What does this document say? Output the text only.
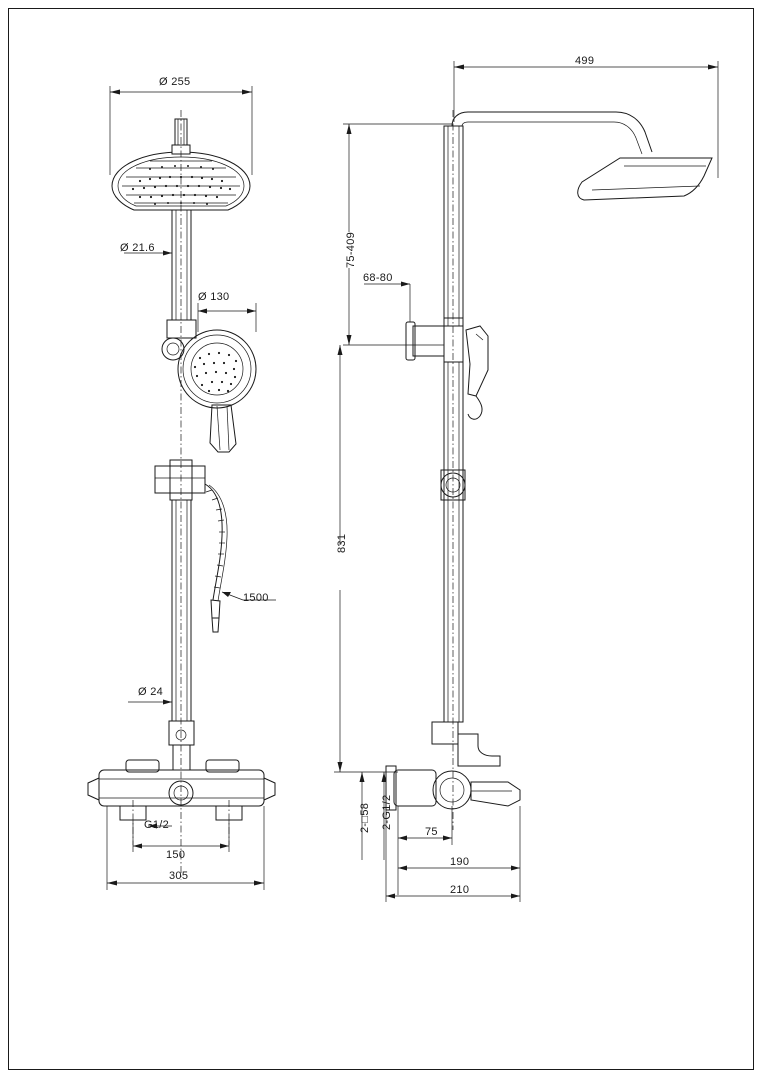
Ø 255
Ø 21.6
Ø 130
1500
Ø 24
G1/2
150
305
499
75-409
68-80
831
2-□58 2-G1/2
75
190
210
